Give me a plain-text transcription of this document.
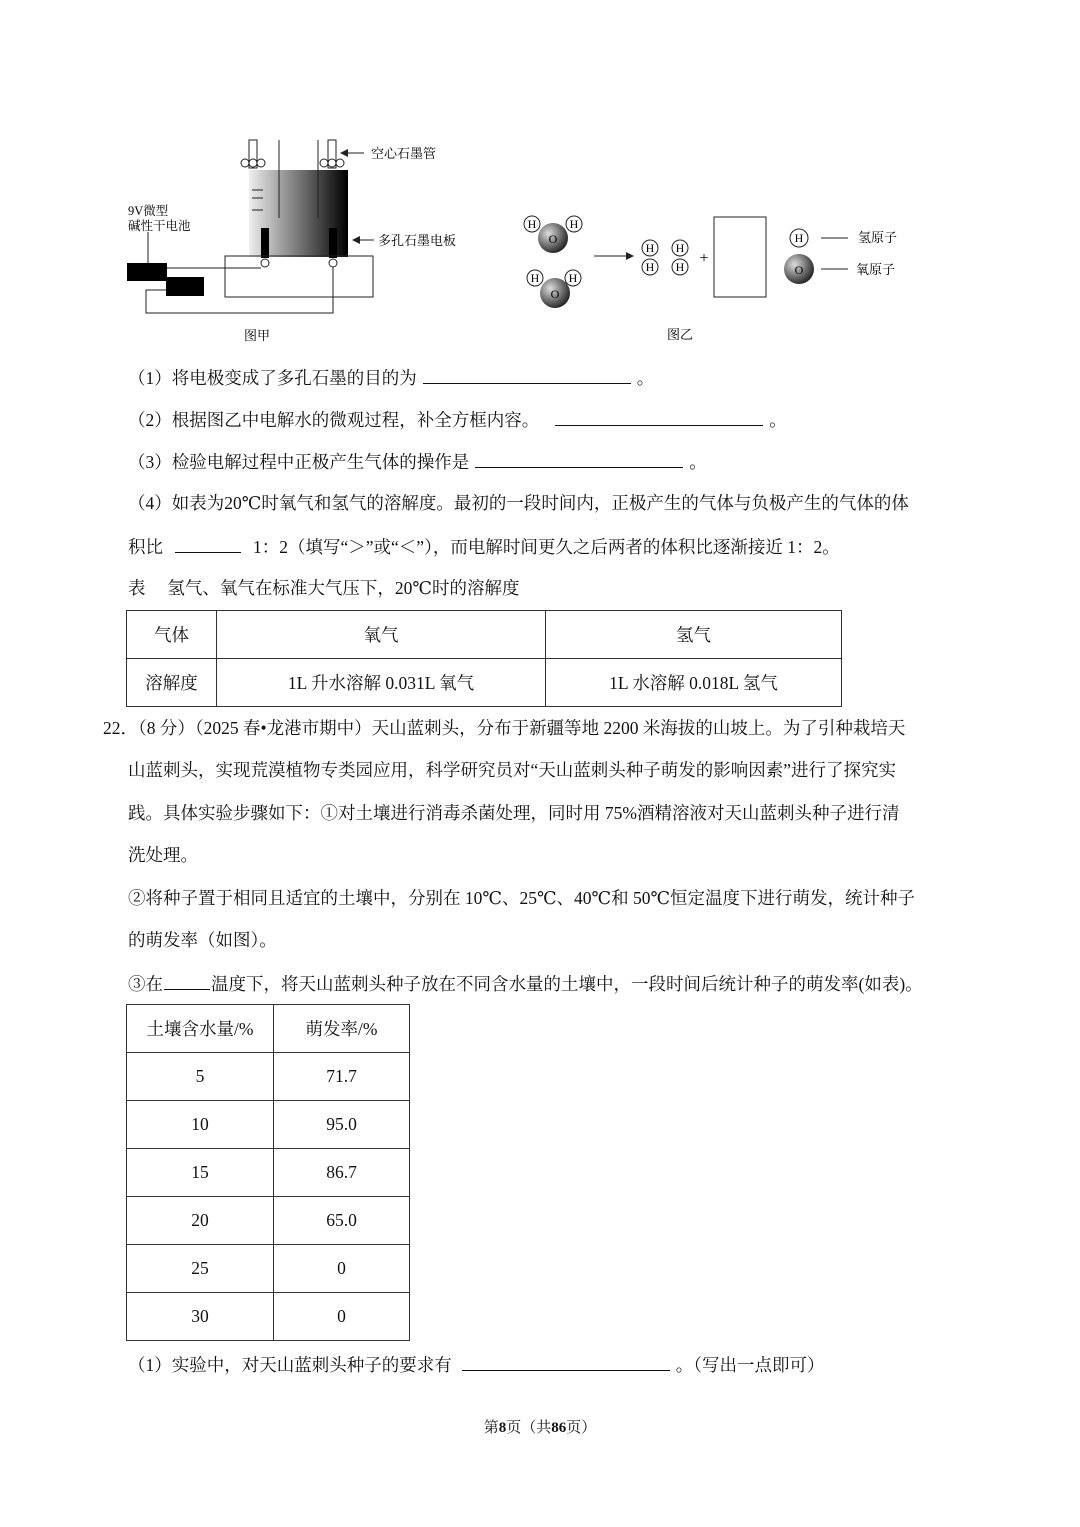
空心石墨管
多孔石墨电板
9V微型
碱性干电池
图甲
O
H	H
O
H H
H
H
H
H +
H
O
氢原子
氧原子
图乙
（1）将电极变成了多孔石墨的目的为	。
（2）根据图乙中电解水的微观过程，补全方框内容。	。
（3）检验电解过程中正极产生气体的操作是	。
（4）如表为20℃时氧气和氢气的溶解度。最初的一段时间内，正极产生的气体与负极产生的气体的体
积比	1：2（填写“＞”或“＜”），而电解时间更久之后两者的体积比逐渐接近 1：2。
表　 氢气、氧气在标准大气压下，20℃时的溶解度
气体	氧气	氢气
溶解度	1L 升水溶解 0.031L 氧气	1L 水溶解 0.018L 氢气
22．（8 分）（2025 春•龙港市期中）天山蓝刺头，分布于新疆等地 2200 米海拔的山坡上。为了引种栽培天
山蓝刺头，实现荒漠植物专类园应用，科学研究员对“天山蓝刺头种子萌发的影响因素”进行了探究实
践。具体实验步骤如下：①对土壤进行消毒杀菌处理，同时用 75%酒精溶液对天山蓝刺头种子进行清
洗处理。
②将种子置于相同且适宜的土壤中，分别在 10℃、25℃、40℃和 50℃恒定温度下进行萌发，统计种子
的萌发率（如图）。
③在	温度下，将天山蓝刺头种子放在不同含水量的土壤中，一段时间后统计种子的萌发率(如表)。
土壤含水量/%	萌发率/%
5	71.7
10	95.0
15	86.7
20	65.0
25	0
30	0
（1）实验中，对天山蓝刺头种子的要求有	。（写出一点即可）
第8页（共86页）
